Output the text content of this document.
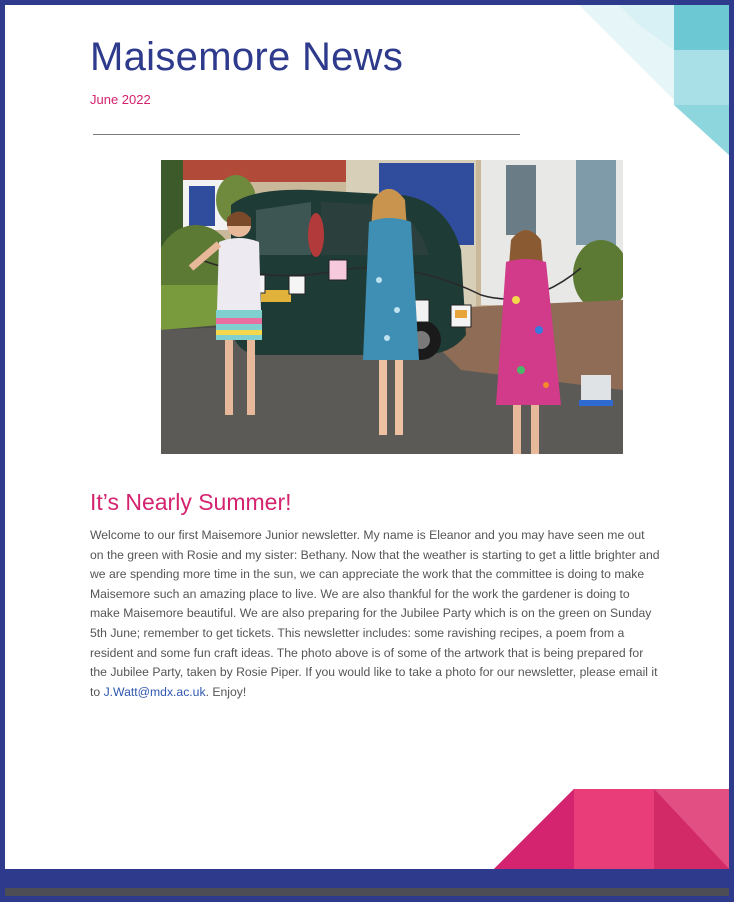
Maisemore News
June 2022
It’s Nearly Summer!

Welcome to our first Maisemore Junior newsletter. My name is Eleanor and you may have seen me out on the green with Rosie and my sister: Bethany. Now that the weather is starting to get a little brighter and we are spending more time in the sun, we can appreciate the work that the committee is doing to make Maisemore such an amazing place to live. We are also thankful for the work the gardener is doing to make Maisemore beautiful. We are also preparing for the Jubilee Party which is on the green on Sunday 5th June; remember to get tickets. This newsletter includes: some ravishing recipes, a poem from a resident and some fun craft ideas. The photo above is of some of the artwork that is being prepared for the Jubilee Party, taken by Rosie Piper. If you would like to take a photo for our newsletter, please email it to J.Watt@mdx.ac.uk. Enjoy!
